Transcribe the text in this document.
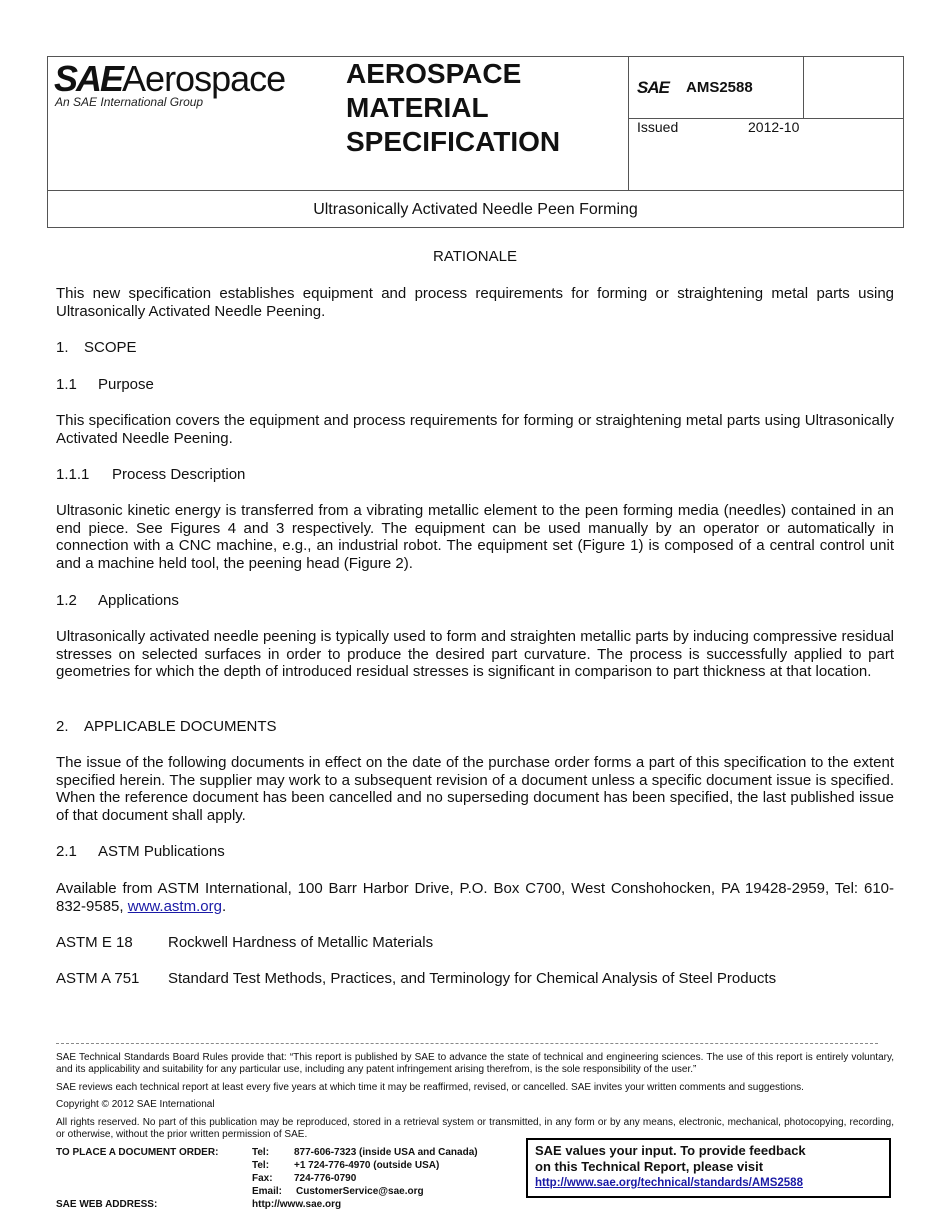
SAEAerospace
An SAE International Group
AEROSPACE
MATERIAL
SPECIFICATION
SAE AMS2588
Issued	2012-10
Ultrasonically Activated Needle Peen Forming
RATIONALE
This new specification establishes equipment and process requirements for forming or straightening metal parts using Ultrasonically Activated Needle Peening.
1. SCOPE
1.1 Purpose
This specification covers the equipment and process requirements for forming or straightening metal parts using Ultrasonically Activated Needle Peening.
1.1.1 Process Description
Ultrasonic kinetic energy is transferred from a vibrating metallic element to the peen forming media (needles) contained in an end piece. See Figures 4 and 3 respectively. The equipment can be used manually by an operator or automatically in connection with a CNC machine, e.g., an industrial robot. The equipment set (Figure 1) is composed of a central control unit and a machine held tool, the peening head (Figure 2).
1.2 Applications
Ultrasonically activated needle peening is typically used to form and straighten metallic parts by inducing compressive residual stresses on selected surfaces in order to produce the desired part curvature. The process is successfully applied to part geometries for which the depth of introduced residual stresses is significant in comparison to part thickness at that location.
2. APPLICABLE DOCUMENTS
The issue of the following documents in effect on the date of the purchase order forms a part of this specification to the extent specified herein. The supplier may work to a subsequent revision of a document unless a specific document issue is specified. When the reference document has been cancelled and no superseding document has been specified, the last published issue of that document shall apply.
2.1 ASTM Publications
Available from ASTM International, 100 Barr Harbor Drive, P.O. Box C700, West Conshohocken, PA 19428-2959, Tel: 610-832-9585, www.astm.org.
ASTM E 18 Rockwell Hardness of Metallic Materials
ASTM A 751 Standard Test Methods, Practices, and Terminology for Chemical Analysis of Steel Products
SAE Technical Standards Board Rules provide that: “This report is published by SAE to advance the state of technical and engineering sciences. The use of this report is entirely voluntary, and its applicability and suitability for any particular use, including any patent infringement arising therefrom, is the sole responsibility of the user.”
SAE reviews each technical report at least every five years at which time it may be reaffirmed, revised, or cancelled. SAE invites your written comments and suggestions.
Copyright © 2012 SAE International
All rights reserved. No part of this publication may be reproduced, stored in a retrieval system or transmitted, in any form or by any means, electronic, mechanical, photocopying, recording, or otherwise, without the prior written permission of SAE.
TO PLACE A DOCUMENT ORDER:	Tel: 877-606-7323 (inside USA and Canada)
Tel: +1 724-776-4970 (outside USA)
Fax: 724-776-0790
Email: CustomerService@sae.org
SAE WEB ADDRESS:	http://www.sae.org
SAE values your input. To provide feedback
on this Technical Report, please visit
http://www.sae.org/technical/standards/AMS2588
